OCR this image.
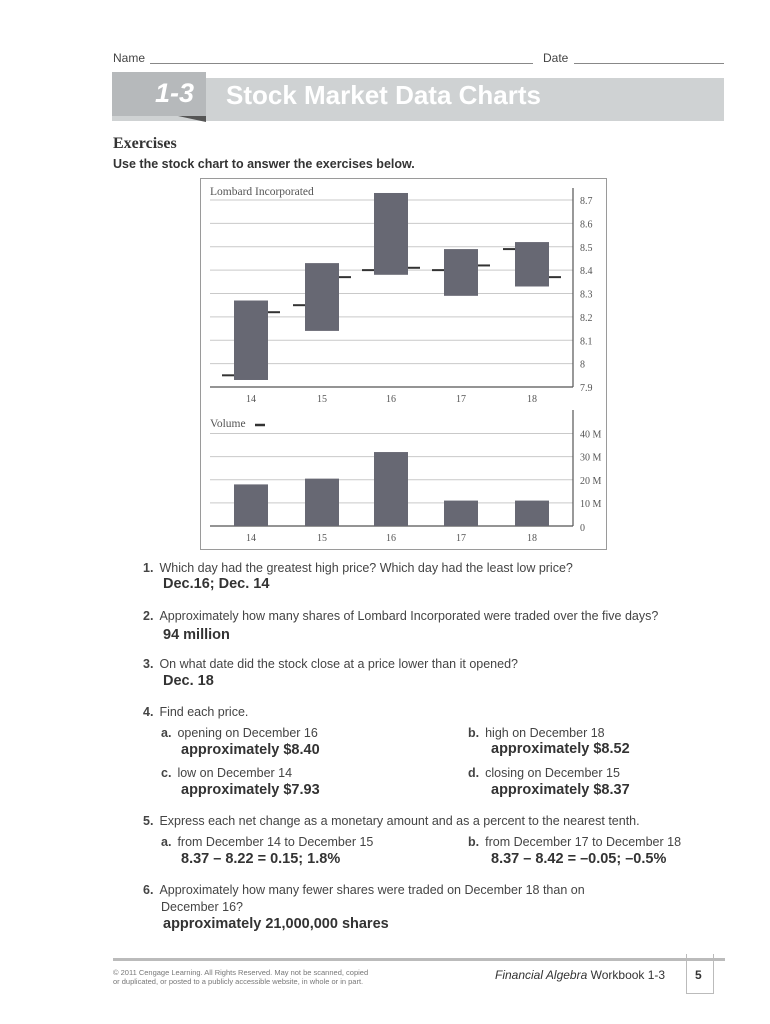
Name	Date
1-3 Stock Market Data Charts
Exercises
Use the stock chart to answer the exercises below.
8.7
8.6
8.5
8.4
8.3
8.2
8.1
8
7.9
Lombard Incorporated
14	15	16	17	18
40 M
30 M
20 M
10 M
0
Volume
14	15	16	17	18
1. Which day had the greatest high price? Which day had the least low price?
Dec.16; Dec. 14
2. Approximately how many shares of Lombard Incorporated were traded over the five days?
94 million
3. On what date did the stock close at a price lower than it opened?
Dec. 18
4. Find each price.
a. opening on December 16
approximately $8.40
b. high on December 18
approximately $8.52
c. low on December 14
approximately $7.93
d. closing on December 15
approximately $8.37
5. Express each net change as a monetary amount and as a percent to the nearest tenth.
a. from December 14 to December 15
8.37 – 8.22 = 0.15; 1.8%
b. from December 17 to December 18
8.37 – 8.42 = –0.05; –0.5%
6. Approximately how many fewer shares were traded on December 18 than on
December 16?
approximately 21,000,000 shares
© 2011 Cengage Learning. All Rights Reserved. May not be scanned, copied
or duplicated, or posted to a publicly accessible website, in whole or in part.	Financial Algebra Workbook 1-3 5
